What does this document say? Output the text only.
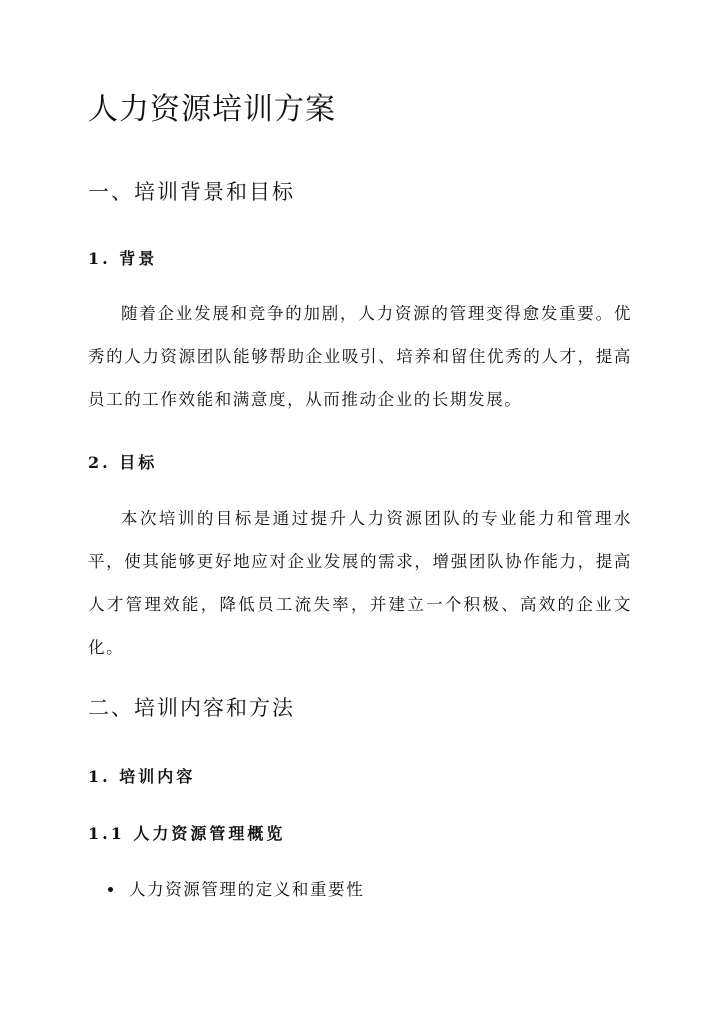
人力资源培训方案
一、培训背景和目标
1. 背景

随着企业发展和竞争的加剧，人力资源的管理变得愈发重要。优秀的人力资源团队能够帮助企业吸引、培养和留住优秀的人才，提高员工的工作效能和满意度，从而推动企业的长期发展。

2. 目标

本次培训的目标是通过提升人力资源团队的专业能力和管理水平，使其能够更好地应对企业发展的需求，增强团队协作能力，提高人才管理效能，降低员工流失率，并建立一个积极、高效的企业文化。

二、培训内容和方法
1. 培训内容
1.1 人力资源管理概览
人力资源管理的定义和重要性
